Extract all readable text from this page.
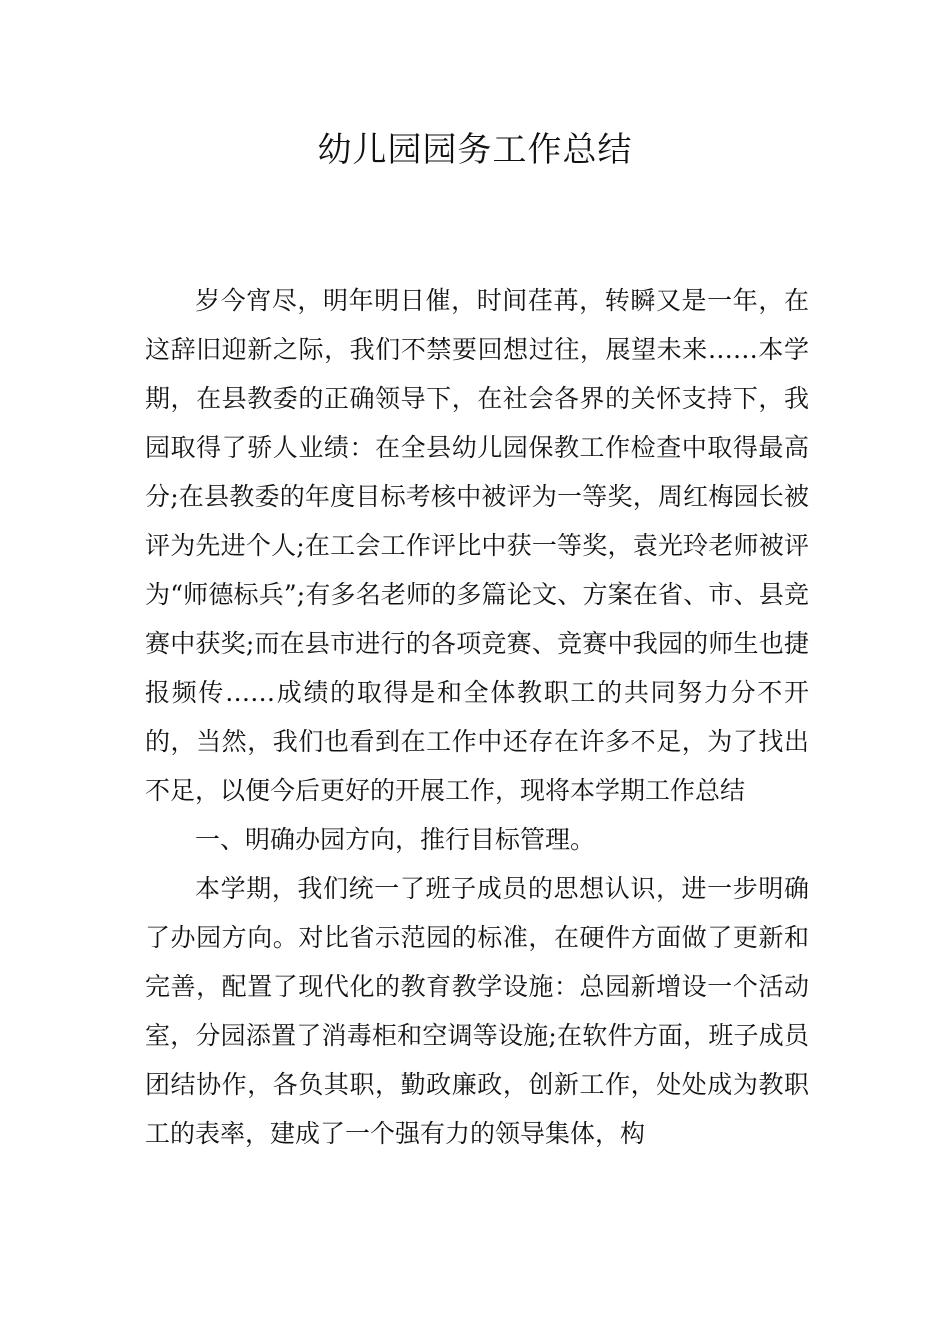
幼儿园园务工作总结

岁今宵尽，明年明日催，时间荏苒，转瞬又是一年，在这辞旧迎新之际，我们不禁要回想过往，展望未来……本学期，在县教委的正确领导下，在社会各界的关怀支持下，我园取得了骄人业绩：在全县幼儿园保教工作检查中取得最高分;在县教委的年度目标考核中被评为一等奖，周红梅园长被评为先进个人;在工会工作评比中获一等奖，袁光玲老师被评为“师德标兵”;有多名老师的多篇论文、方案在省、市、县竞赛中获奖;而在县市进行的各项竞赛、竞赛中我园的师生也捷报频传……成绩的取得是和全体教职工的共同努力分不开的，当然，我们也看到在工作中还存在许多不足，为了找出不足，以便今后更好的开展工作，现将本学期工作总结

一、明确办园方向，推行目标管理。

本学期，我们统一了班子成员的思想认识，进一步明确了办园方向。对比省示范园的标准，在硬件方面做了更新和完善，配置了现代化的教育教学设施：总园新增设一个活动室，分园添置了消毒柜和空调等设施;在软件方面，班子成员团结协作，各负其职，勤政廉政，创新工作，处处成为教职工的表率，建成了一个强有力的领导集体，构
